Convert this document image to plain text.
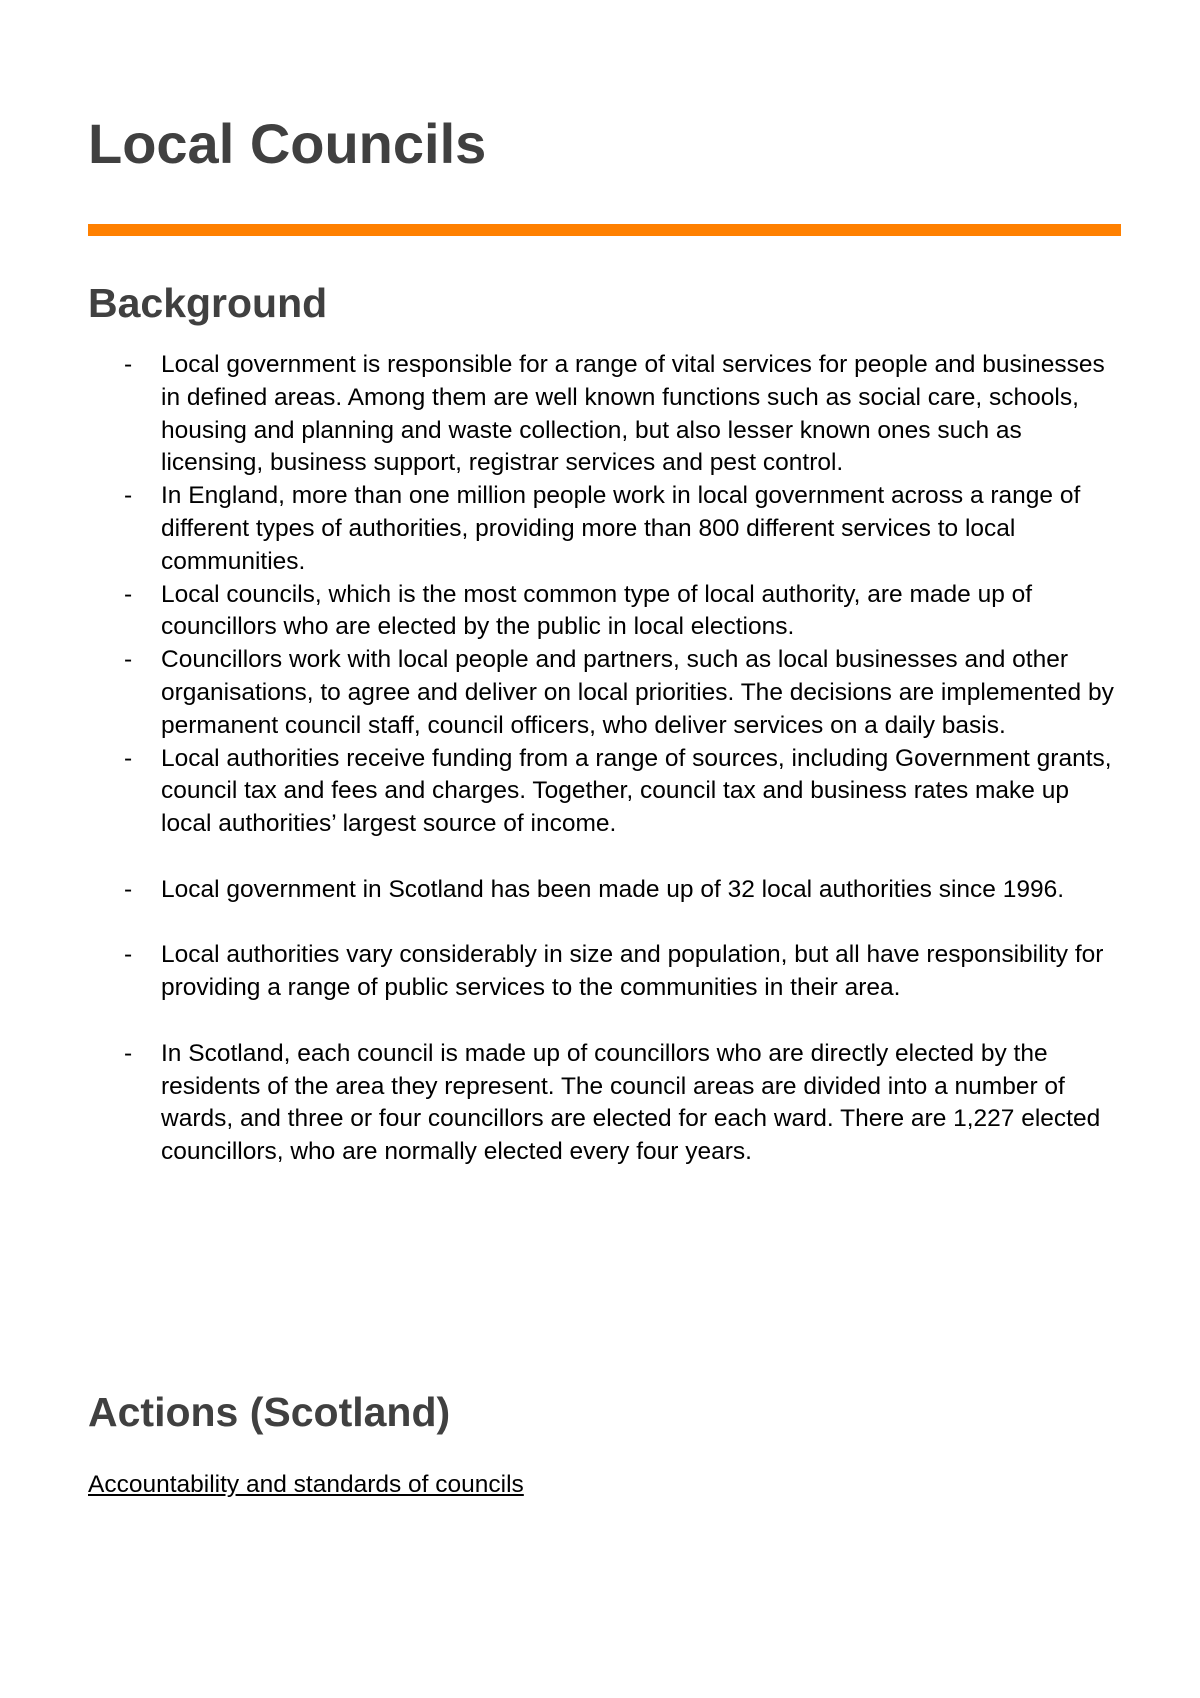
Local Councils
Background
- Local government is responsible for a range of vital services for people and businesses in defined areas. Among them are well known functions such as social care, schools, housing and planning and waste collection, but also lesser known ones such as licensing, business support, registrar services and pest control.
- In England, more than one million people work in local government across a range of different types of authorities, providing more than 800 different services to local communities.
- Local councils, which is the most common type of local authority, are made up of councillors who are elected by the public in local elections.
- Councillors work with local people and partners, such as local businesses and other organisations, to agree and deliver on local priorities. The decisions are implemented by permanent council staff, council officers, who deliver services on a daily basis.
- Local authorities receive funding from a range of sources, including Government grants, council tax and fees and charges. Together, council tax and business rates make up local authorities’ largest source of income.
- Local government in Scotland has been made up of 32 local authorities since 1996.
- Local authorities vary considerably in size and population, but all have responsibility for providing a range of public services to the communities in their area.
- In Scotland, each council is made up of councillors who are directly elected by the residents of the area they represent. The council areas are divided into a number of wards, and three or four councillors are elected for each ward. There are 1,227 elected councillors, who are normally elected every four years.
Actions (Scotland)

Accountability and standards of councils
